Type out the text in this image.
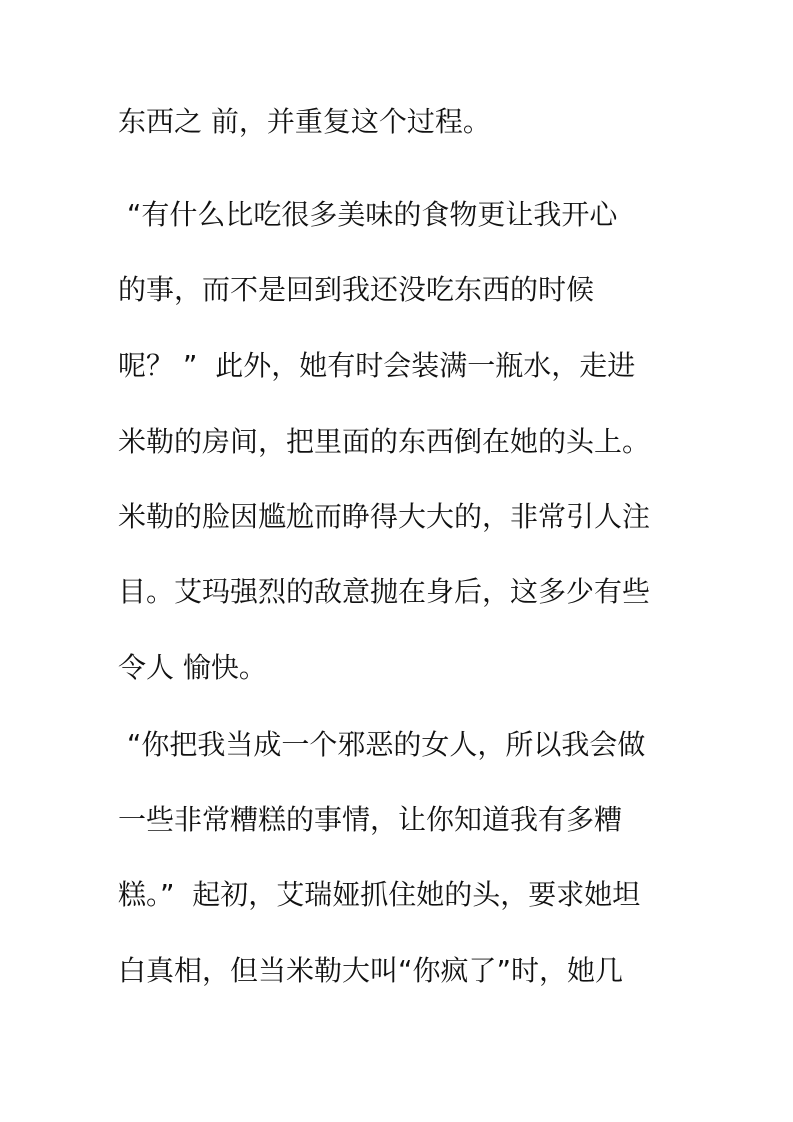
东西之 前，并重复这个过程。
“有什么比吃很多美味的食物更让我开心
的事，而不是回到我还没吃东西的时候
呢？ ”  此外，她有时会装满一瓶水，走进
米勒的房间，把里面的东西倒在她的头上。
米勒的脸因尴尬而睁得大大的，非常引人注
目。艾玛强烈的敌意抛在身后，这多少有些
令人 愉快。
“你把我当成一个邪恶的女人，所以我会做
一些非常糟糕的事情，让你知道我有多糟
糕。”  起初，艾瑞娅抓住她的头，要求她坦
白真相，但当米勒大叫“你疯了”时，她几
